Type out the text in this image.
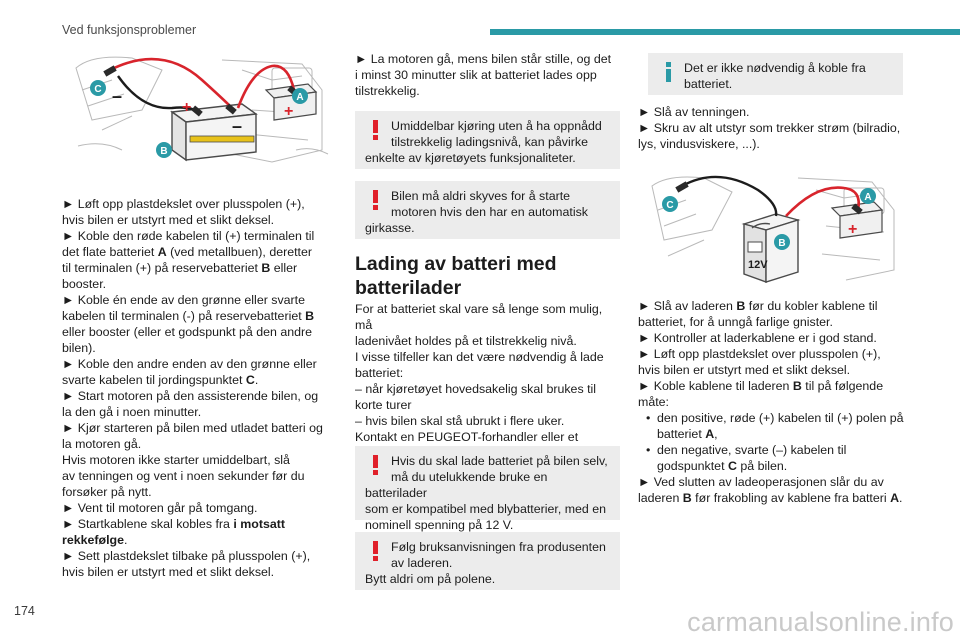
Ved funksjonsproblemer
+
–
+
–
C
A
B
► Løft opp plastdekslet over plusspolen (+),
hvis bilen er utstyrt med et slikt deksel.
► Koble den røde kabelen til (+) terminalen til
det flate batteriet A (ved metallbuen), deretter
til terminalen (+) på reservebatteriet B eller
booster.
► Koble én ende av den grønne eller svarte
kabelen til terminalen (-) på reservebatteriet B
eller booster (eller et godspunkt på den andre
bilen).
► Koble den andre enden av den grønne eller
svarte kabelen til jordingspunktet C.
► Start motoren på den assisterende bilen, og
la den gå i noen minutter.
► Kjør starteren på bilen med utladet batteri og
la motoren gå.
Hvis motoren ikke starter umiddelbart, slå
av tenningen og vent i noen sekunder før du
forsøker på nytt.
► Vent til motoren går på tomgang.
► Startkablene skal kobles fra i motsatt
rekkefølge.
► Sett plastdekslet tilbake på plusspolen (+),
hvis bilen er utstyrt med et slikt deksel.
► La motoren gå, mens bilen står stille, og det
i minst 30 minutter slik at batteriet lades opp
tilstrekkelig.
Umiddelbar kjøring uten å ha oppnådd
tilstrekkelig ladingsnivå, kan påvirke
enkelte av kjøretøyets funksjonaliteter.
Bilen må aldri skyves for å starte
motoren hvis den har en automatisk
girkasse.
Lading av batteri med
batterilader
For at batteriet skal vare så lenge som mulig, må
ladenivået holdes på et tilstrekkelig nivå.
I visse tilfeller kan det være nødvendig å lade
batteriet:
– når kjøretøyet hovedsakelig skal brukes til
korte turer
– hvis bilen skal stå ubrukt i flere uker.
Kontakt en PEUGEOT-forhandler eller et

Hvis du skal lade batteriet på bilen selv,
må du utelukkende bruke en batterilader
som er kompatibel med blybatterier, med en
nominell spenning på 12 V.
Følg bruksanvisningen fra produsenten
av laderen.
Bytt aldri om på polene.
Det er ikke nødvendig å koble fra
batteriet.
► Slå av tenningen.
► Skru av alt utstyr som trekker strøm (bilradio,
lys, vindusviskere, ...).
12V
+
C
A
B
► Slå av laderen B før du kobler kablene til
batteriet, for å unngå farlige gnister.
► Kontroller at laderkablene er i god stand.
► Løft opp plastdekslet over plusspolen (+),
hvis bilen er utstyrt med et slikt deksel.
► Koble kablene til laderen B til på følgende
måte:
• den positive, røde (+) kabelen til (+) polen på
batteriet A,
• den negative, svarte (–) kabelen til
godspunktet C på bilen.
► Ved slutten av ladeoperasjonen slår du av
laderen B før frakobling av kablene fra batteri A.
174	carmanualsonline.info
